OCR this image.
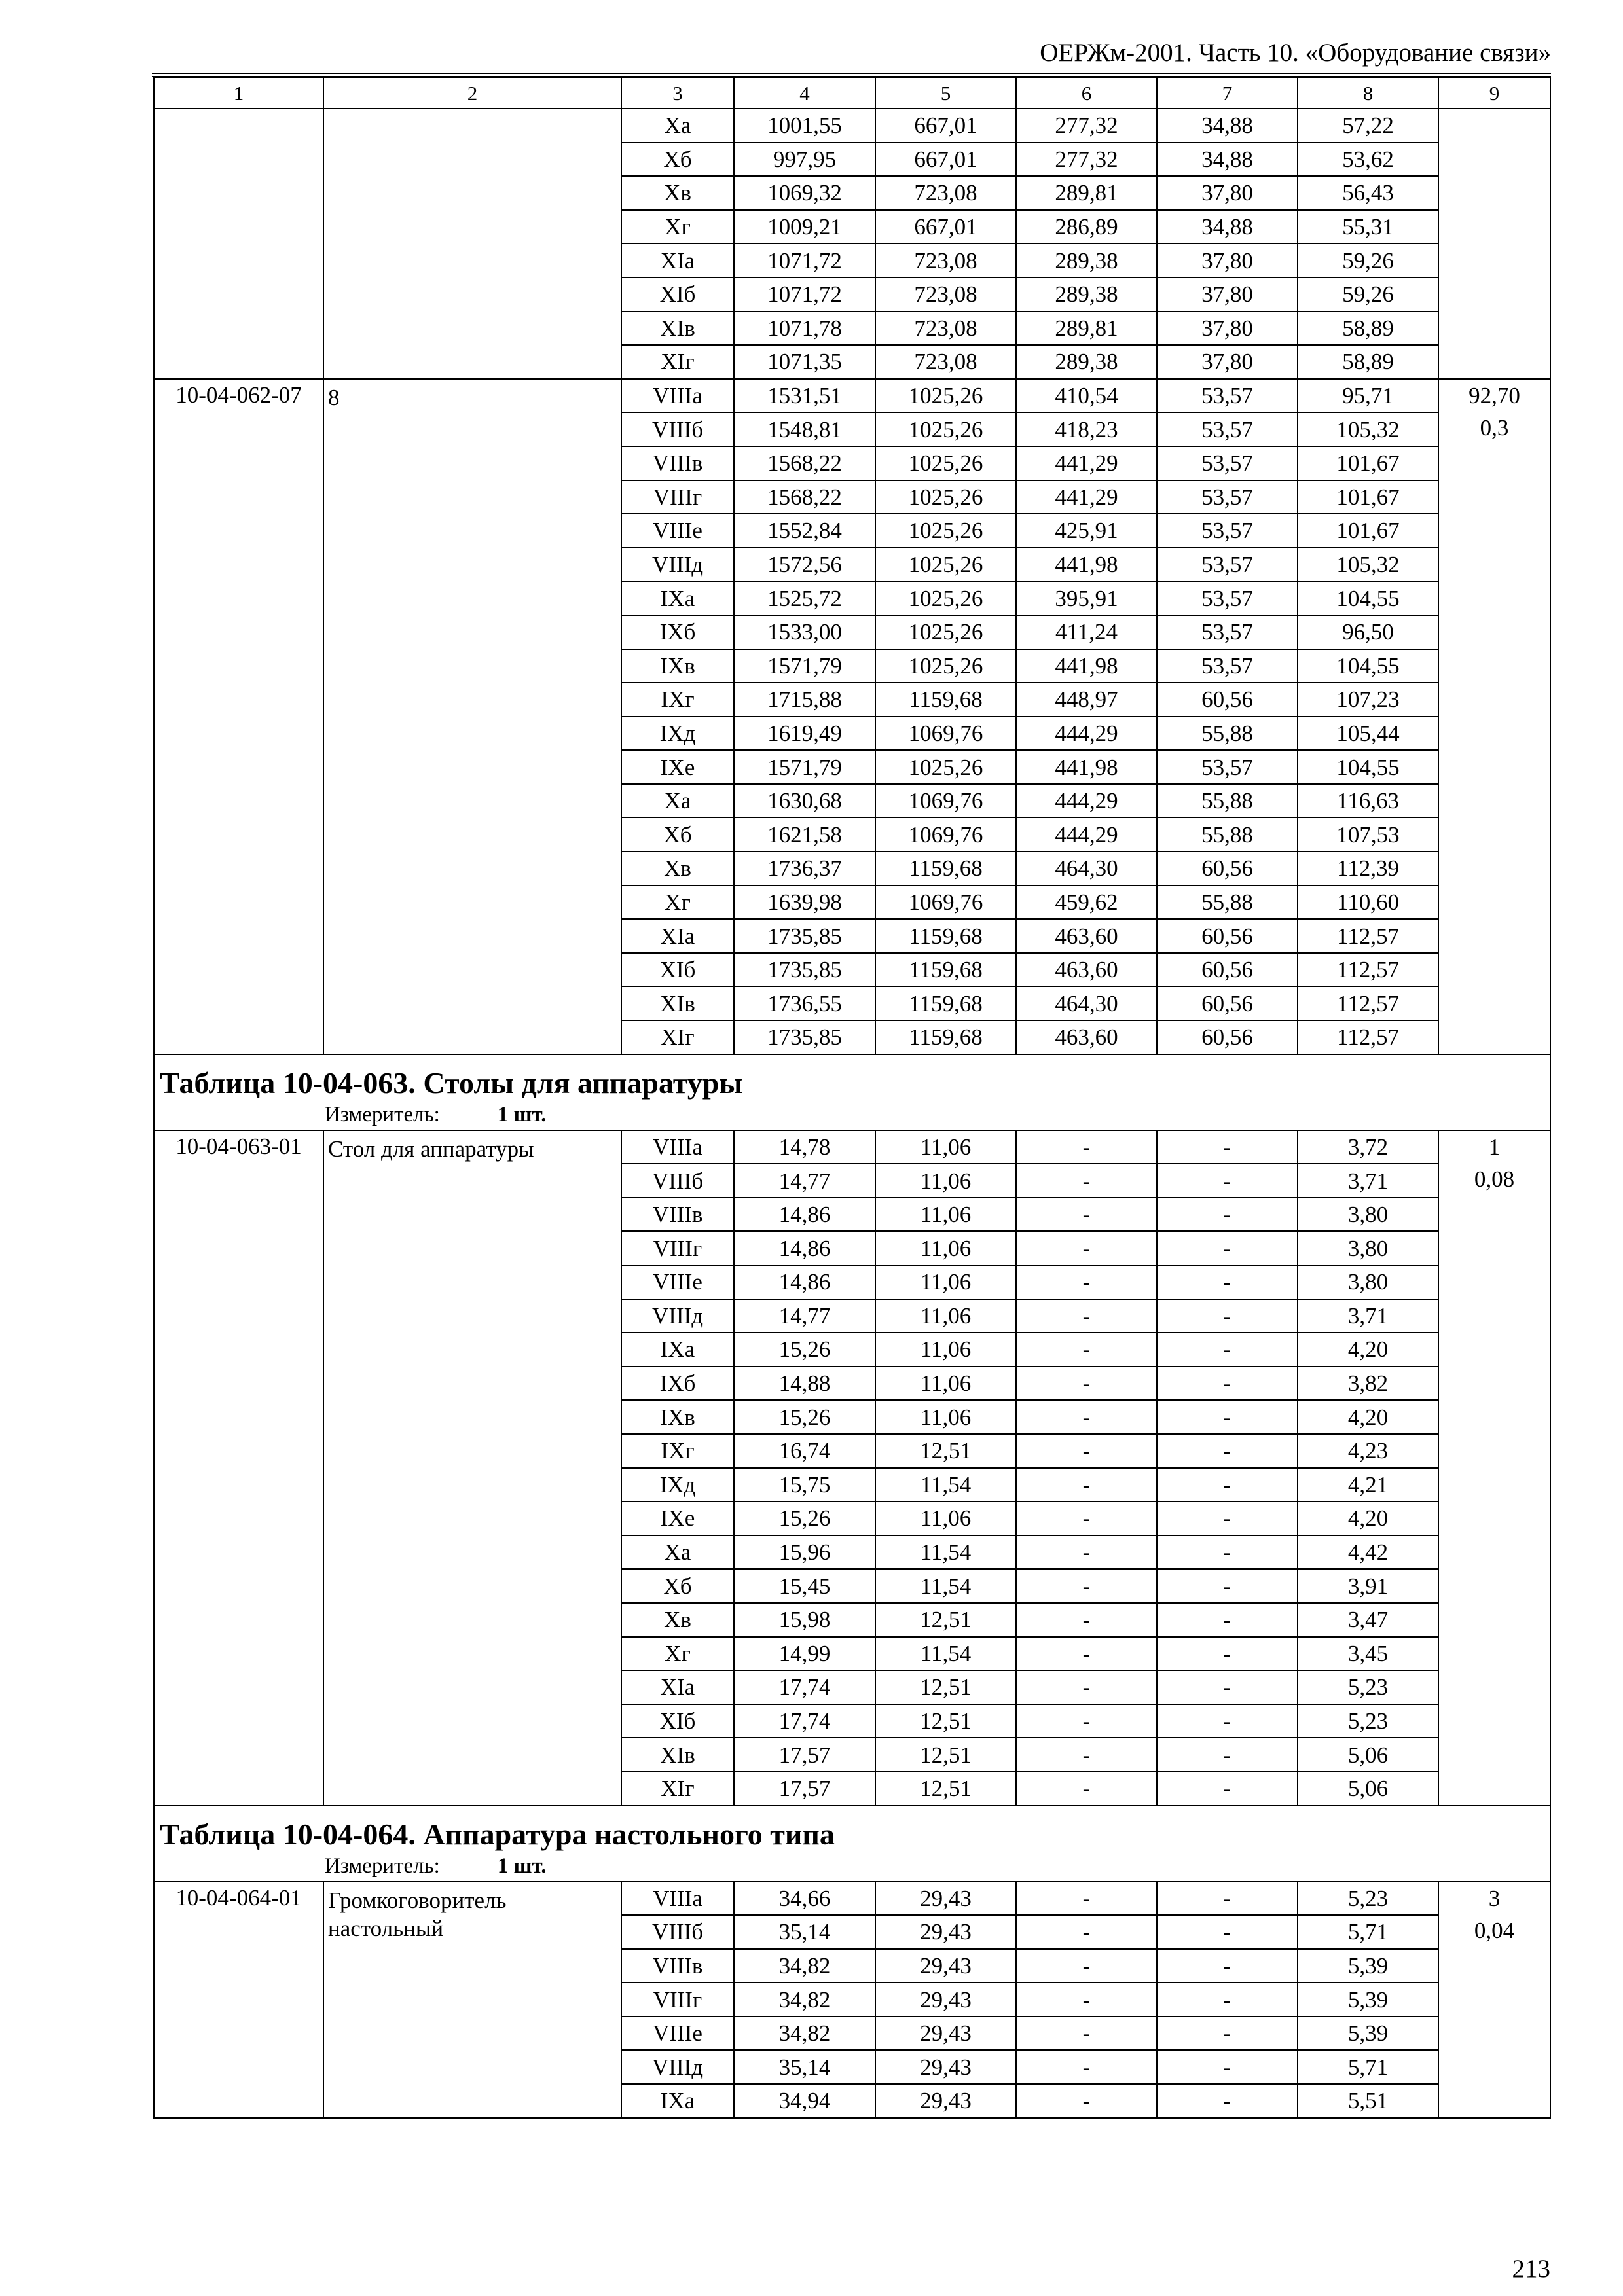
ОЕРЖм-2001. Часть 10. «Оборудование связи»
1	2	3	4	5	6	7	8	9
		Xa	1001,55	667,01	277,32	34,88	57,22	
		Xб	997,95	667,01	277,32	34,88	53,62	
		Xв	1069,32	723,08	289,81	37,80	56,43	
		Xг	1009,21	667,01	286,89	34,88	55,31	
		XIa	1071,72	723,08	289,38	37,80	59,26	
		XIб	1071,72	723,08	289,38	37,80	59,26	
		XIв	1071,78	723,08	289,81	37,80	58,89	
		XIг	1071,35	723,08	289,38	37,80	58,89	
10-04-062-07	8	VIIIa	1531,51	1025,26	410,54	53,57	95,71	92,70
0,3

		VIIIб	1548,81	1025,26	418,23	53,57	105,32	
		VIIIв	1568,22	1025,26	441,29	53,57	101,67	
		VIIIг	1568,22	1025,26	441,29	53,57	101,67	
		VIIIe	1552,84	1025,26	425,91	53,57	101,67	
		VIIIд	1572,56	1025,26	441,98	53,57	105,32	
		IXa	1525,72	1025,26	395,91	53,57	104,55	
		IXб	1533,00	1025,26	411,24	53,57	96,50	
		IXв	1571,79	1025,26	441,98	53,57	104,55	
		IXг	1715,88	1159,68	448,97	60,56	107,23	
		IXд	1619,49	1069,76	444,29	55,88	105,44	
		IXe	1571,79	1025,26	441,98	53,57	104,55	
		Xa	1630,68	1069,76	444,29	55,88	116,63	
		Xб	1621,58	1069,76	444,29	55,88	107,53	
		Xв	1736,37	1159,68	464,30	60,56	112,39	
		Xг	1639,98	1069,76	459,62	55,88	110,60	
		XIa	1735,85	1159,68	463,60	60,56	112,57	
		XIб	1735,85	1159,68	463,60	60,56	112,57	
		XIв	1736,55	1159,68	464,30	60,56	112,57	
		XIг	1735,85	1159,68	463,60	60,56	112,57	
Таблица 10-04-063. Столы для аппаратуры								
Измеритель: 1 шт.								
10-04-063-01	Стол для аппаратуры	VIIIa	14,78	11,06	-	-	3,72	1
0,08

		VIIIб	14,77	11,06	-	-	3,71	
		VIIIв	14,86	11,06	-	-	3,80	
		VIIIг	14,86	11,06	-	-	3,80	
		VIIIe	14,86	11,06	-	-	3,80	
		VIIIд	14,77	11,06	-	-	3,71	
		IXa	15,26	11,06	-	-	4,20	
		IXб	14,88	11,06	-	-	3,82	
		IXв	15,26	11,06	-	-	4,20	
		IXг	16,74	12,51	-	-	4,23	
		IXд	15,75	11,54	-	-	4,21	
		IXe	15,26	11,06	-	-	4,20	
		Xa	15,96	11,54	-	-	4,42	
		Xб	15,45	11,54	-	-	3,91	
		Xв	15,98	12,51	-	-	3,47	
		Xг	14,99	11,54	-	-	3,45	
		XIa	17,74	12,51	-	-	5,23	
		XIб	17,74	12,51	-	-	5,23	
		XIв	17,57	12,51	-	-	5,06	
		XIг	17,57	12,51	-	-	5,06	
Таблица 10-04-064. Аппаратура настольного типа								
Измеритель: 1 шт.								
10-04-064-01	Громкоговоритель настольный	VIIIa	34,66	29,43	-	-	5,23	3
0,04

		VIIIб	35,14	29,43	-	-	5,71	
		VIIIв	34,82	29,43	-	-	5,39	
		VIIIг	34,82	29,43	-	-	5,39	
		VIIIe	34,82	29,43	-	-	5,39	
		VIIIд	35,14	29,43	-	-	5,71	
		IXa	34,94	29,43	-	-	5,51	
213
